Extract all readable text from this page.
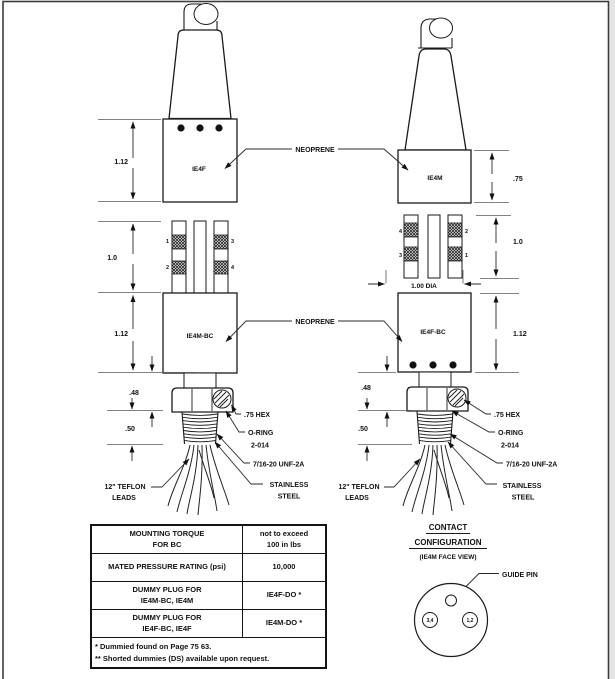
IE4F
1
2
3
4
IE4M-BC
1.12
1.0
1.12
.48
.50
IE4M
4
3
2
1
1.00 DIA
IE4F-BC
.75
1.0
1.12
.48
.50
NEOPRENE
NEOPRENE
.75 HEX
O-RING
2-014
7/16-20 UNF-2A
STAINLESS
STEEL
12" TEFLON
LEADS
.75 HEX
O-RING
2-014
7/16-20 UNF-2A
STAINLESS
STEEL
12" TEFLON
LEADS
CONTACT
CONFIGURATION
(IE4M FACE VIEW)
GUIDE PIN
3,4	1,2
MOUNTING TORQUE
FOR BC
not to exceed
100 in lbs
MATED PRESSURE RATING (psi)	10,000
DUMMY PLUG FOR
IE4M-BC, IE4M
IE4F-DO *
DUMMY PLUG FOR
IE4F-BC, IE4F
IE4M-DO *
* Dummied found on Page 75 63.
** Shorted dummies (DS) available upon request.
